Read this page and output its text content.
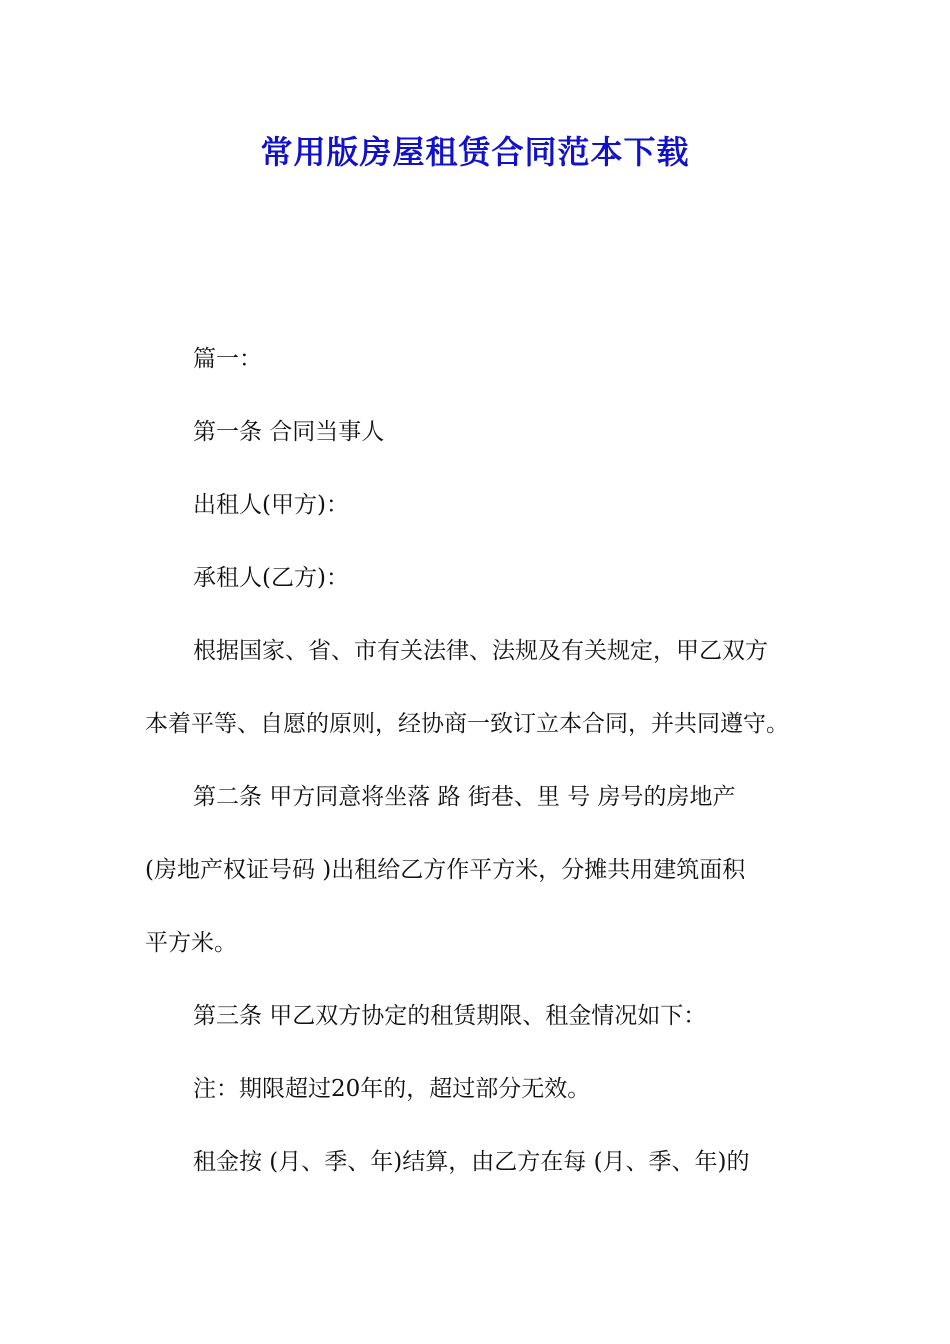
常用版房屋租赁合同范本下载
篇一：
第一条 合同当事人
出租人(甲方)：
承租人(乙方)：
根据国家、省、市有关法律、法规及有关规定，甲乙双方
本着平等、自愿的原则，经协商一致订立本合同，并共同遵守。
第二条 甲方同意将坐落 路 街巷、里 号 房号的房地产
(房地产权证号码 )出租给乙方作平方米，分摊共用建筑面积
平方米。
第三条 甲乙双方协定的租赁期限、租金情况如下：
注：期限超过20年的，超过部分无效。
租金按 (月、季、年)结算，由乙方在每 (月、季、年)的
